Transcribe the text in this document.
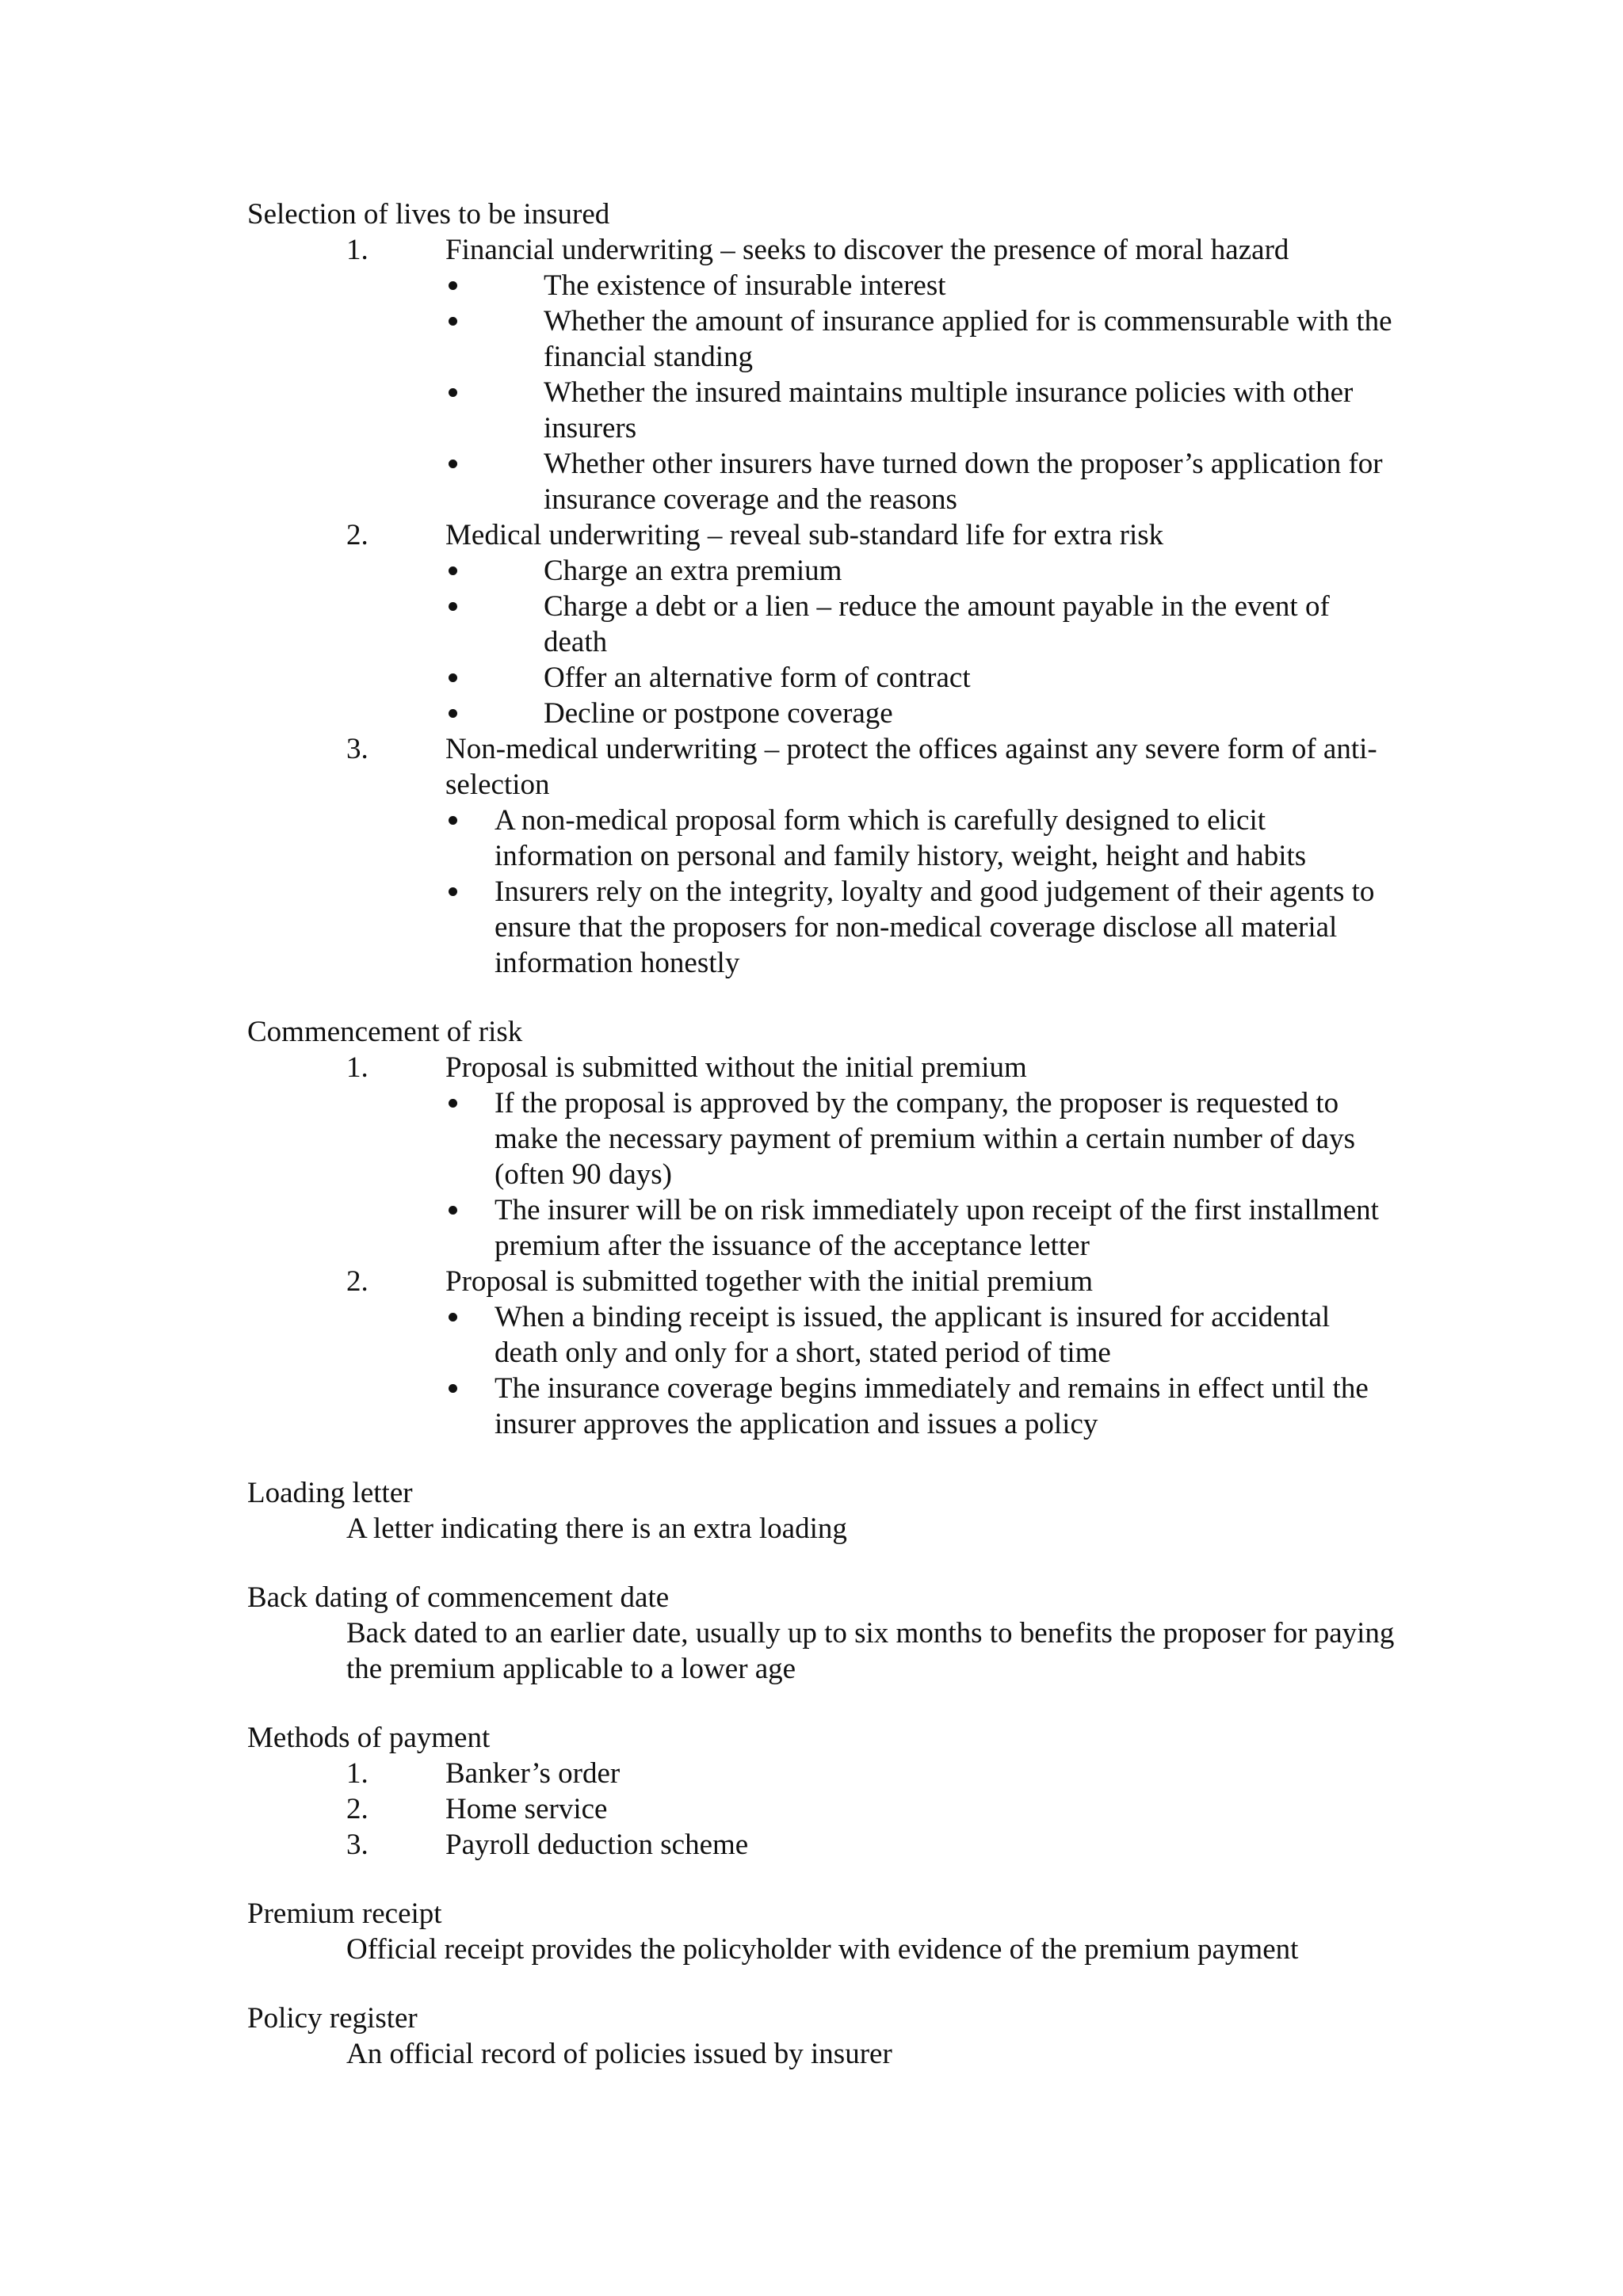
Selection of lives to be insured

1.	Financial underwriting – seeks to discover the presence of moral hazard

The existence of insurable interest
Whether the amount of insurance applied for is commensurable with the financial standing
Whether the insured maintains multiple insurance policies with other insurers
Whether other insurers have turned down the proposer’s application for insurance coverage and the reasons
2.	Medical underwriting – reveal sub-standard life for extra risk

Charge an extra premium
Charge a debt or a lien – reduce the amount payable in the event of death
Offer an alternative form of contract
Decline or postpone coverage
3.	Non-medical underwriting – protect the offices against any severe form of anti-selection

A non-medical proposal form which is carefully designed to elicit information on personal and family history, weight, height and habits
Insurers rely on the integrity, loyalty and good judgement of their agents to ensure that the proposers for non-medical coverage disclose all material information honestly

Commencement of risk

1.	Proposal is submitted without the initial premium

If the proposal is approved by the company, the proposer is requested to make the necessary payment of premium within a certain number of days (often 90 days)
The insurer will be on risk immediately upon receipt of the first installment premium after the issuance of the acceptance letter
2.	Proposal is submitted together with the initial premium

When a binding receipt is issued, the applicant is insured for accidental death only and only for a short, stated period of time
The insurance coverage begins immediately and remains in effect until the insurer approves the application and issues a policy

Loading letter

A letter indicating there is an extra loading

Back dating of commencement date

Back dated to an earlier date, usually up to six months to benefits the proposer for paying the premium applicable to a lower age

Methods of payment

1.	Banker’s order

2.	Home service

3.	Payroll deduction scheme

Premium receipt

Official receipt provides the policyholder with evidence of the premium payment

Policy register

An official record of policies issued by insurer
